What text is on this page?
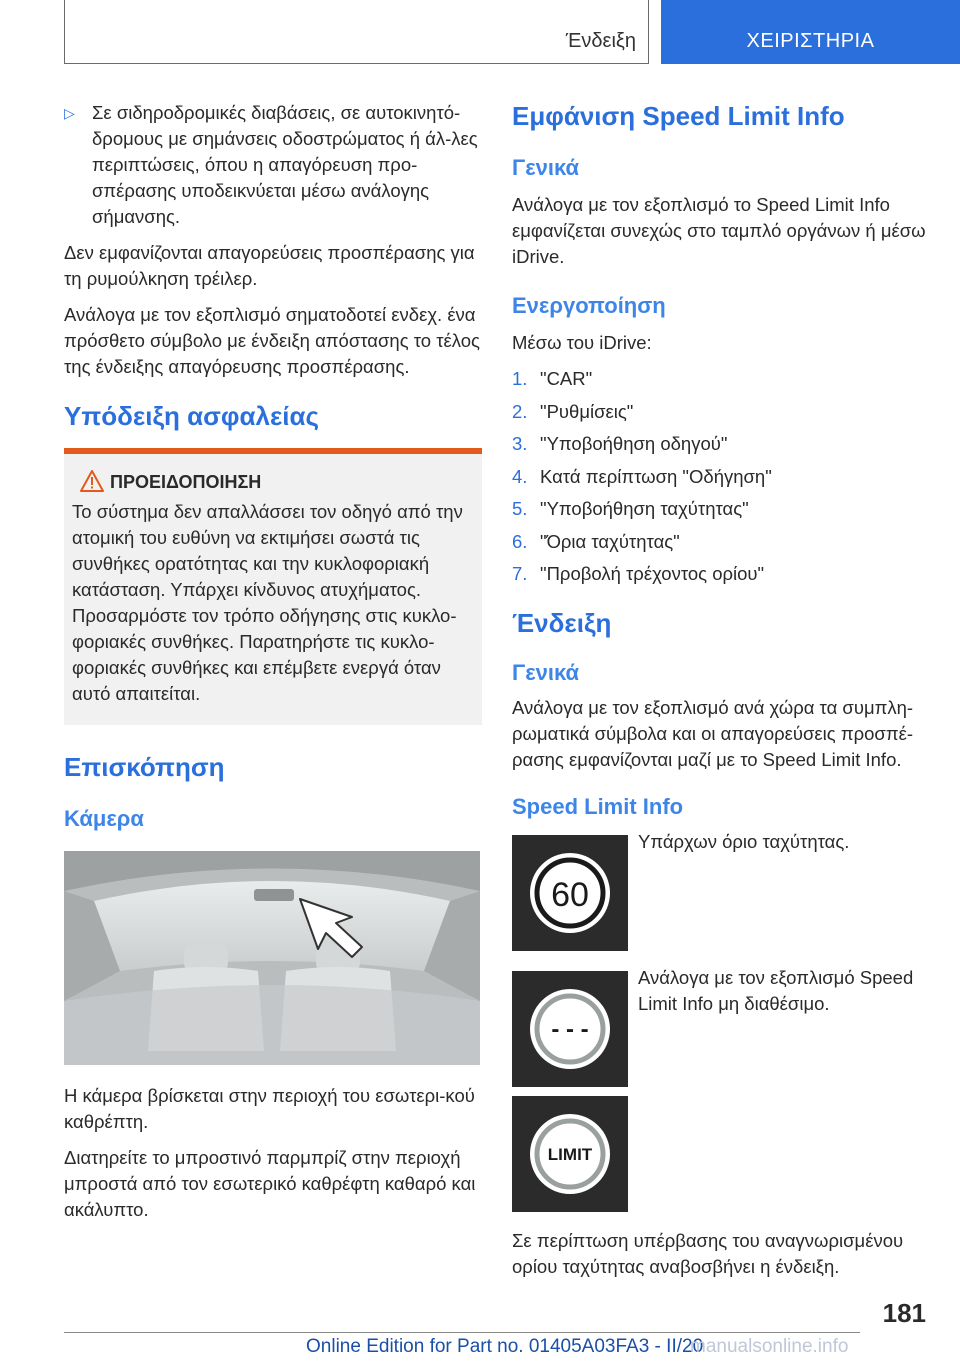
Ένδειξη	ΧΕΙΡΙΣΤΗΡΙΑ
▷ Σε σιδηροδρομικές διαβάσεις, σε αυτοκινητό-δρομους με σημάνσεις οδοστρώματος ή άλ-λες περιπτώσεις, όπου η απαγόρευση προ-σπέρασης υποδεικνύεται μέσω ανάλογης σήμανσης.

Δεν εμφανίζονται απαγορεύσεις προσπέρασης για τη ρυμούλκηση τρέιλερ.

Ανάλογα με τον εξοπλισμό σηματοδοτεί ενδεχ. ένα πρόσθετο σύμβολο με ένδειξη απόστασης το τέλος της ένδειξης απαγόρευσης προσπέρασης.

Υπόδειξη ασφαλείας
ΠΡΟΕΙΔΟΠΟΙΗΣΗ

Το σύστημα δεν απαλλάσσει τον οδηγό από την ατομική του ευθύνη να εκτιμήσει σωστά τις συνθήκες ορατότητας και την κυκλοφοριακή κατάσταση. Υπάρχει κίνδυνος ατυχήματος. Προσαρμόστε τον τρόπο οδήγησης στις κυκλο-φοριακές συνθήκες. Παρατηρήστε τις κυκλο-φοριακές συνθήκες και επέμβετε ενεργά όταν αυτό απαιτείται.

Επισκόπηση
Κάμερα

Η κάμερα βρίσκεται στην περιοχή του εσωτερι-κού καθρέπτη.

Διατηρείτε το μπροστινό παρμπρίζ στην περιοχή μπροστά από τον εσωτερικό καθρέφτη καθαρό και ακάλυπτο.

Εμφάνιση Speed Limit Info
Γενικά

Ανάλογα με τον εξοπλισμό το Speed Limit Info εμφανίζεται συνεχώς στο ταμπλό οργάνων ή μέσω iDrive.

Ενεργοποίηση

Μέσω του iDrive:

1. "CAR"
2. "Ρυθμίσεις"
3. "Υποβοήθηση οδηγού"
4. Κατά περίπτωση "Οδήγηση"
5. "Υποβοήθηση ταχύτητας"
6. "Όρια ταχύτητας"
7. "Προβολή τρέχοντος ορίου"
Ένδειξη
Γενικά

Ανάλογα με τον εξοπλισμό ανά χώρα τα συμπλη-ρωματικά σύμβολα και οι απαγορεύσεις προσπέ-ρασης εμφανίζονται μαζί με το Speed Limit Info.

Speed Limit Info
60
Υπάρχων όριο ταχύτητας.
- - -
Ανάλογα με τον εξοπλισμό Speed Limit Info μη διαθέσιμο.
LIMIT

Σε περίπτωση υπέρβασης του αναγνωρισμένου ορίου ταχύτητας αναβοσβήνει η ένδειξη.

181
Online Edition for Part no. 01405A03FA3 - II/20
manualsonline.info
